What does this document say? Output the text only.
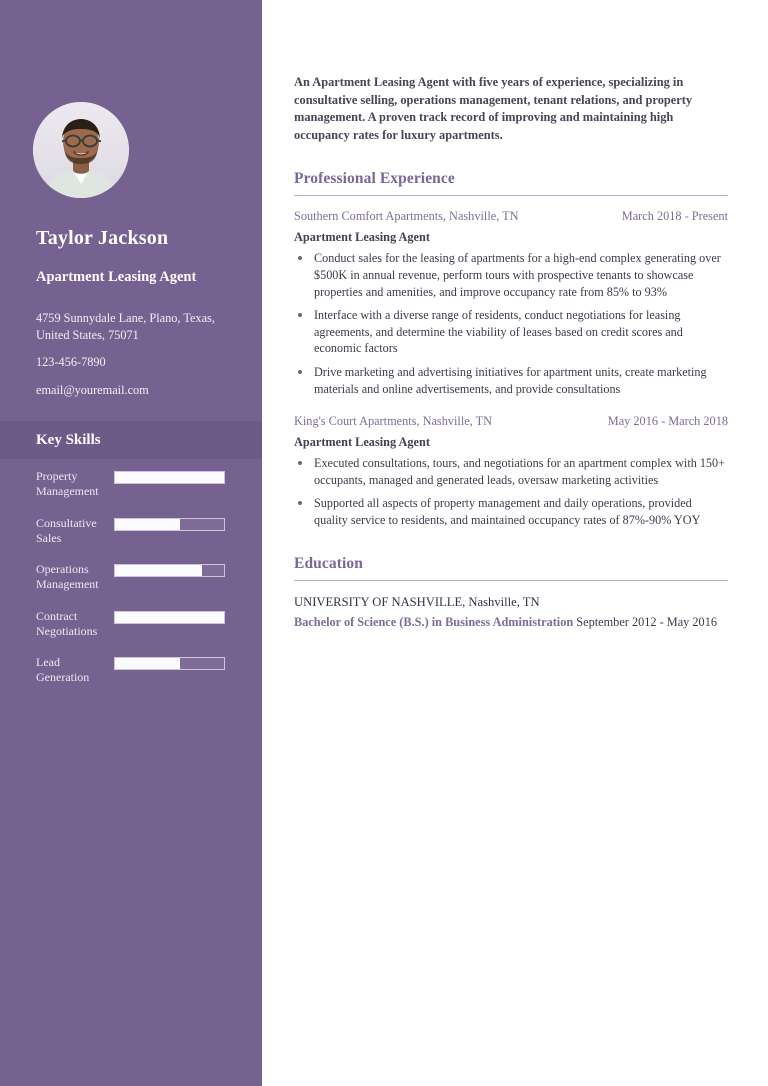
Taylor Jackson
Apartment Leasing Agent

4759 Sunnydale Lane, Plano, Texas,
United States, 75071

123-456-7890

email@youremail.com

Key Skills
Property Management
Consultative Sales
Operations Management
Contract Negotiations
Lead Generation

An Apartment Leasing Agent with five years of experience, specializing in consultative selling, operations management, tenant relations, and property management. A proven track record of improving and maintaining high occupancy rates for luxury apartments.

Professional Experience
Southern Comfort Apartments, Nashville, TN	March 2018 - Present
Apartment Leasing Agent
Conduct sales for the leasing of apartments for a high-end complex generating over $500K in annual revenue, perform tours with prospective tenants to showcase properties and amenities, and improve occupancy rate from 85% to 93%
Interface with a diverse range of residents, conduct negotiations for leasing agreements, and determine the viability of leases based on credit scores and economic factors
Drive marketing and advertising initiatives for apartment units, create marketing materials and online advertisements, and provide consultations
King's Court Apartments, Nashville, TN	May 2016 - March 2018
Apartment Leasing Agent
Executed consultations, tours, and negotiations for an apartment complex with 150+ occupants, managed and generated leads, oversaw marketing activities
Supported all aspects of property management and daily operations, provided quality service to residents, and maintained occupancy rates of 87%-90% YOY
Education
UNIVERSITY OF NASHVILLE, Nashville, TN
Bachelor of Science (B.S.) in Business Administration September 2012 - May 2016
